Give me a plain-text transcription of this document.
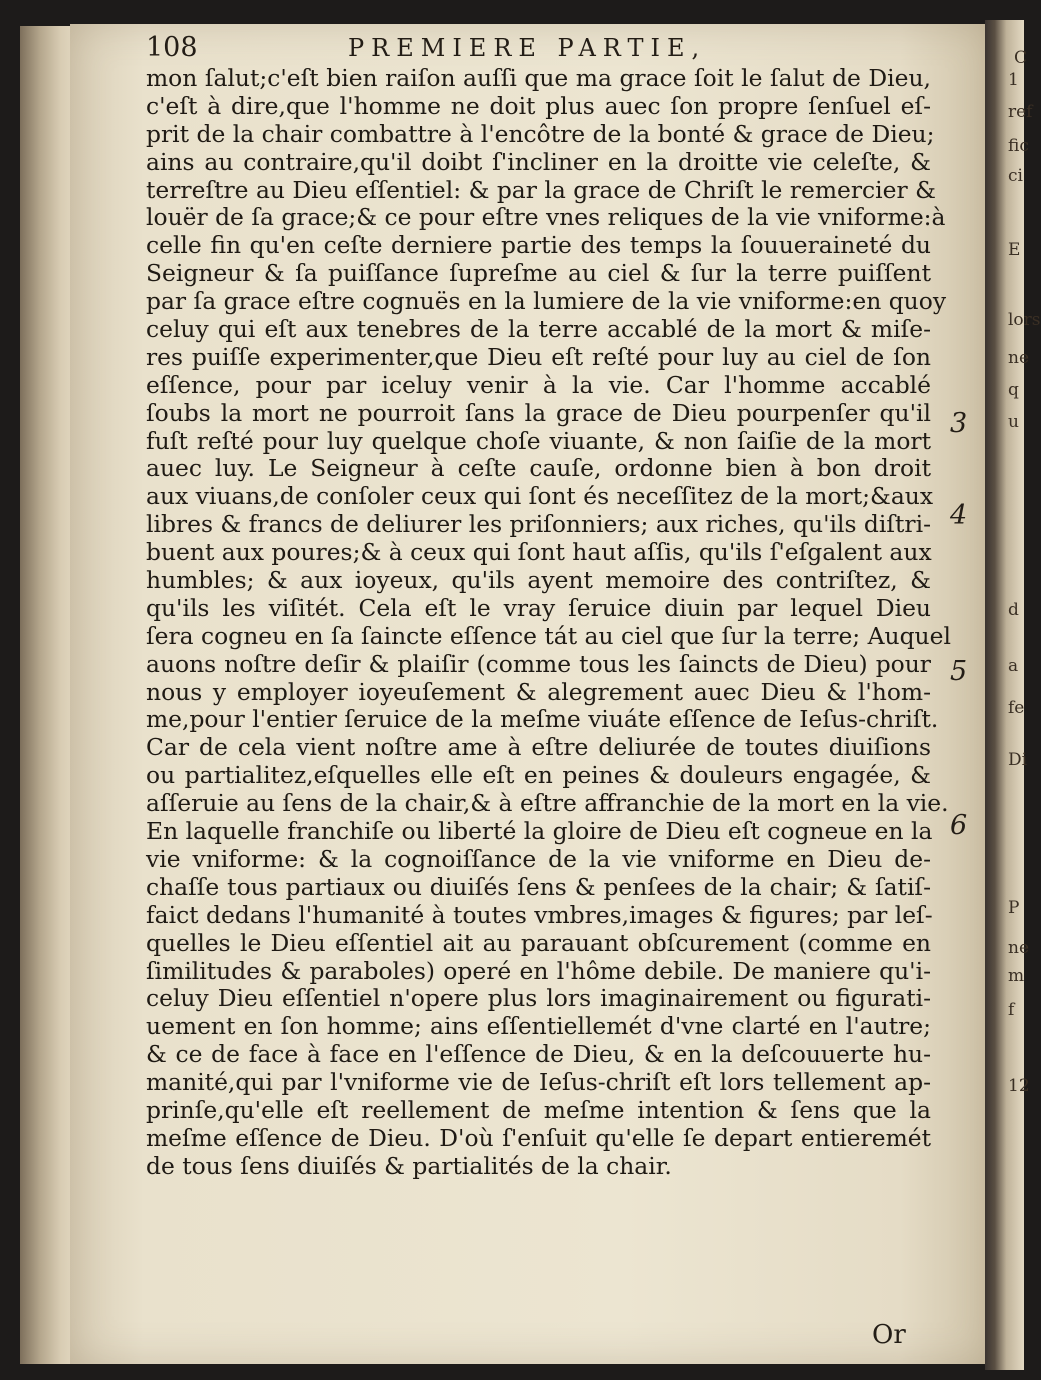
108	PREMIERE PARTIE,
mon ſalut;c'eſt bien raiſon auſſi que ma grace ſoit le ſalut de Dieu,
c'eſt à dire,que l'homme ne doit plus auec ſon propre ſenſuel eſ-
prit de la chair combattre à l'encôtre de la bonté & grace de Dieu;
ains au contraire,qu'il doibt ſ'incliner en la droitte vie celeſte, &
terreſtre au Dieu eſſentiel: & par la grace de Chriſt le remercier &
louër de ſa grace;& ce pour eſtre vnes reliques de la vie vniforme:à
celle fin qu'en ceſte derniere partie des temps la ſouueraineté du
Seigneur & ſa puiſſance ſupreſme au ciel & ſur la terre puiſſent
par ſa grace eſtre cognuës en la lumiere de la vie vniforme:en quoy
celuy qui eſt aux tenebres de la terre accablé de la mort & miſe-
res puiſſe experimenter,que Dieu eſt reſté pour luy au ciel de ſon
eſſence, pour par iceluy venir à la vie. Car l'homme accablé
ſoubs la mort ne pourroit ſans la grace de Dieu pourpenſer qu'il
fuſt reſté pour luy quelque choſe viuante, & non ſaiſie de la mort
auec luy. Le Seigneur à ceſte cauſe, ordonne bien à bon droit
aux viuans,de conſoler ceux qui ſont és neceſſitez de la mort;&aux
libres & francs de deliurer les priſonniers; aux riches, qu'ils diſtri-
buent aux poures;& à ceux qui ſont haut aſſis, qu'ils ſ'eſgalent aux
humbles; & aux ioyeux, qu'ils ayent memoire des contriſtez, &
qu'ils les viſitét. Cela eſt le vray ſeruice diuin par lequel Dieu
ſera cogneu en ſa ſaincte eſſence tát au ciel que ſur la terre; Auquel
auons noſtre deſir & plaiſir (comme tous les ſaincts de Dieu) pour
nous y employer ioyeuſement & alegrement auec Dieu & l'hom-
me,pour l'entier ſeruice de la meſme viuáte eſſence de Ieſus-chriſt.
Car de cela vient noſtre ame à eſtre deliurée de toutes diuiſions
ou partialitez,eſquelles elle eſt en peines & douleurs engagée, &
aſſeruie au ſens de la chair,& à eſtre affranchie de la mort en la vie.
En laquelle franchiſe ou liberté la gloire de Dieu eſt cogneue en la
vie vniforme: & la cognoiſſance de la vie vniforme en Dieu de-
chaſſe tous partiaux ou diuiſés ſens & penſees de la chair; & ſatiſ-
faict dedans l'humanité à toutes vmbres,images & figures; par leſ-
quelles le Dieu eſſentiel ait au parauant obſcurement (comme en
ſimilitudes & paraboles) operé en l'hôme debile. De maniere qu'i-
celuy Dieu eſſentiel n'opere plus lors imaginairement ou figurati-
uement en ſon homme; ains eſſentiellemét d'vne clarté en l'autre;
& ce de face à face en l'eſſence de Dieu, & en la deſcouuerte hu-
manité,qui par l'vniforme vie de Ieſus-chriſt eſt lors tellement ap-
prinſe,qu'elle eſt reellement de meſme intention & ſens que la
meſme eſſence de Dieu. D'où ſ'enſuit qu'elle ſe depart entieremét
de tous ſens diuiſés & partialités de la chair.
3
4
5
6
Or
1
C
ref
fic
ci
E
lors
ne
q
u
d
a
fe
Di
ne
P
m
f
12
